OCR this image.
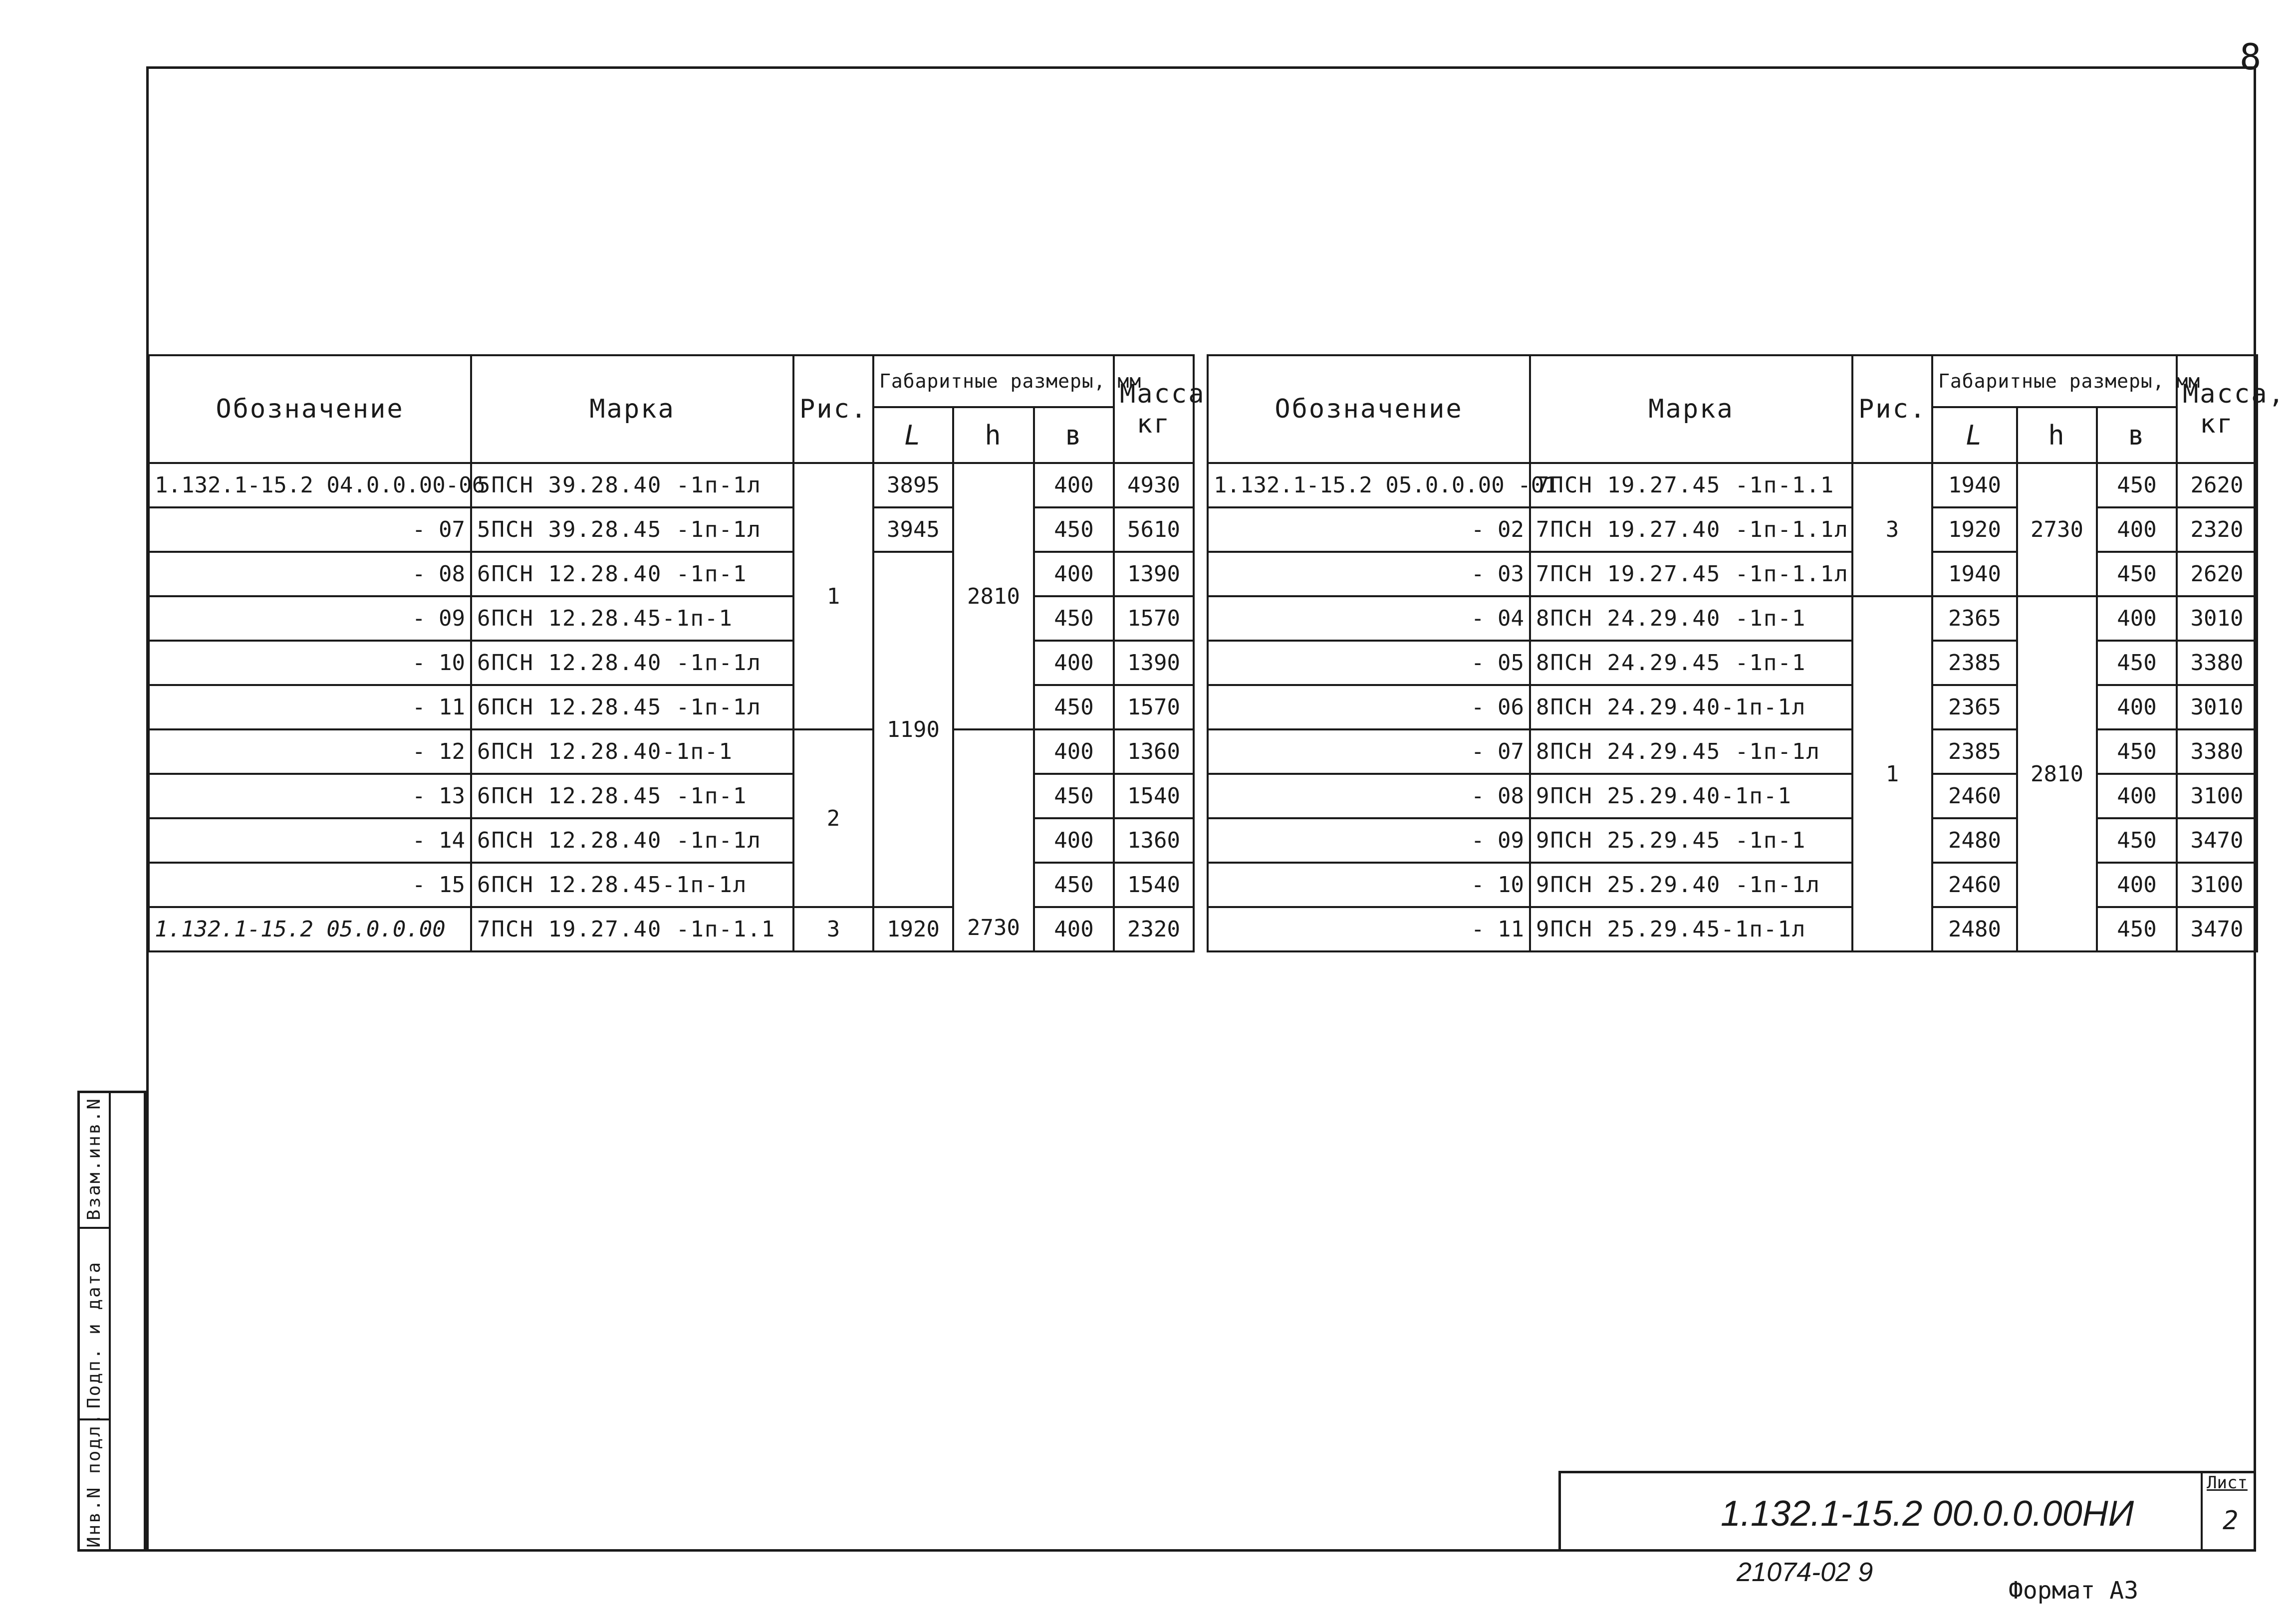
8
Обозначение	Марка	Рис.	Габаритные размеры, мм			Масса кг
			L	h	в	
1.132.1-15.2 04.0.0.00-06	5ПСН 39.28.40 -1п-1л	1	3895	2810	400	4930
- 07	5ПСН 39.28.45 -1п-1л		3945		450	5610
- 08	6ПСН 12.28.40 -1п-1		1190		400	1390
- 09	6ПСН 12.28.45-1п-1				450	1570
- 10	6ПСН 12.28.40 -1п-1л				400	1390
- 11	6ПСН 12.28.45 -1п-1л				450	1570
- 12	6ПСН 12.28.40-1п-1	2		2730	400	1360
- 13	6ПСН 12.28.45 -1п-1				450	1540
- 14	6ПСН 12.28.40 -1п-1л				400	1360
- 15	6ПСН 12.28.45-1п-1л				450	1540
1.132.1-15.2 05.0.0.00	7ПСН 19.27.40 -1п-1.1	3	1920		400	2320
Обозначение	Марка	Рис.	Габаритные размеры, мм			Масса, кг
			L	h	в	
1.132.1-15.2 05.0.0.00 -01	7ПСН 19.27.45 -1п-1.1	3	1940	2730	450	2620
- 02	7ПСН 19.27.40 -1п-1.1л		1920		400	2320
- 03	7ПСН 19.27.45 -1п-1.1л		1940		450	2620
- 04	8ПСН 24.29.40 -1п-1	1	2365	2810	400	3010
- 05	8ПСН 24.29.45 -1п-1		2385		450	3380
- 06	8ПСН 24.29.40-1п-1л		2365		400	3010
- 07	8ПСН 24.29.45 -1п-1л		2385		450	3380
- 08	9ПСН 25.29.40-1п-1		2460		400	3100
- 09	9ПСН 25.29.45 -1п-1		2480		450	3470
- 10	9ПСН 25.29.40 -1п-1л		2460		400	3100
- 11	9ПСН 25.29.45-1п-1л		2480		450	3470
Взам.инв.N
Подп. и дата
Инв.N подл.	1.132.1-15.2 00.0.0.00НИ
Лист
2
21074-02 9
Формат А3
